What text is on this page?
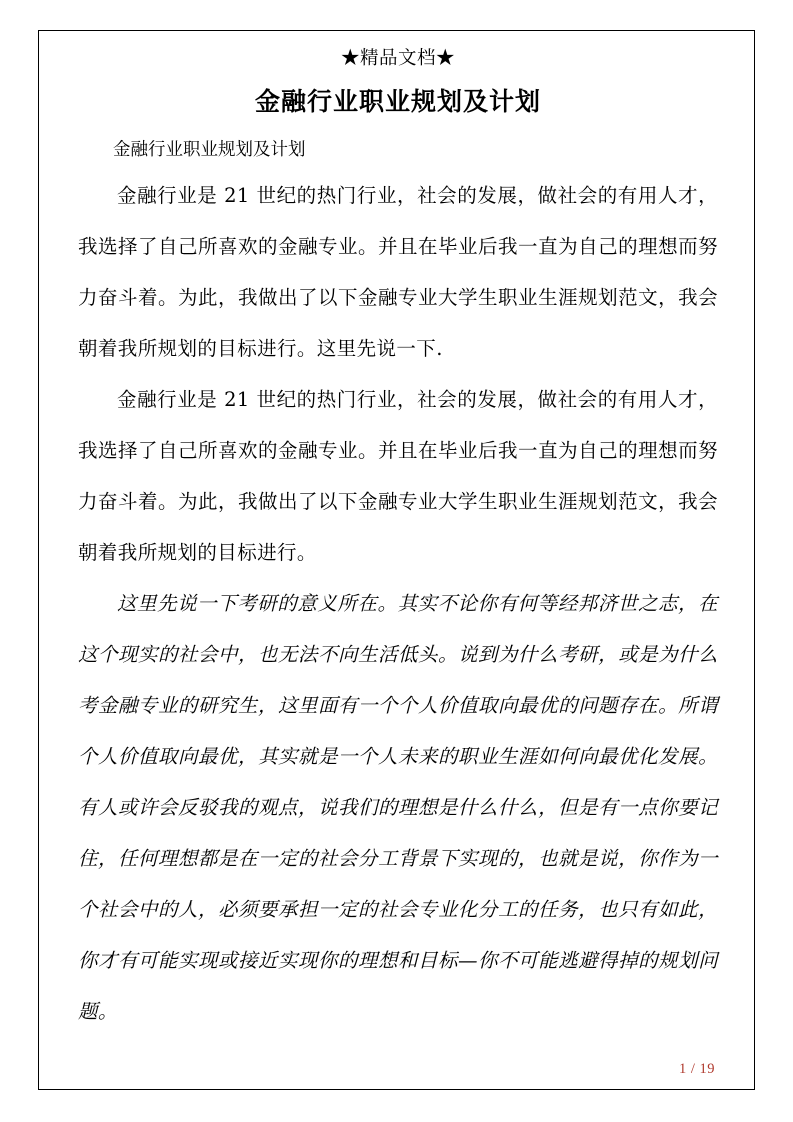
★精品文档★
金融行业职业规划及计划
金融行业职业规划及计划

金融行业是 21 世纪的热门行业，社会的发展，做社会的有用人才，我选择了自己所喜欢的金融专业。并且在毕业后我一直为自己的理想而努力奋斗着。为此，我做出了以下金融专业大学生职业生涯规划范文，我会朝着我所规划的目标进行。这里先说一下.

金融行业是 21 世纪的热门行业，社会的发展，做社会的有用人才，我选择了自己所喜欢的金融专业。并且在毕业后我一直为自己的理想而努力奋斗着。为此，我做出了以下金融专业大学生职业生涯规划范文，我会朝着我所规划的目标进行。

这里先说一下考研的意义所在。其实不论你有何等经邦济世之志，在这个现实的社会中，也无法不向生活低头。说到为什么考研，或是为什么考金融专业的研究生，这里面有一个个人价值取向最优的问题存在。所谓个人价值取向最优，其实就是一个人未来的职业生涯如何向最优化发展。有人或许会反驳我的观点，说我们的理想是什么什么，但是有一点你要记住，任何理想都是在一定的社会分工背景下实现的，也就是说，你作为一个社会中的人，必须要承担一定的社会专业化分工的任务，也只有如此，你才有可能实现或接近实现你的理想和目标—你不可能逃避得掉的规划问题。

1 / 19
